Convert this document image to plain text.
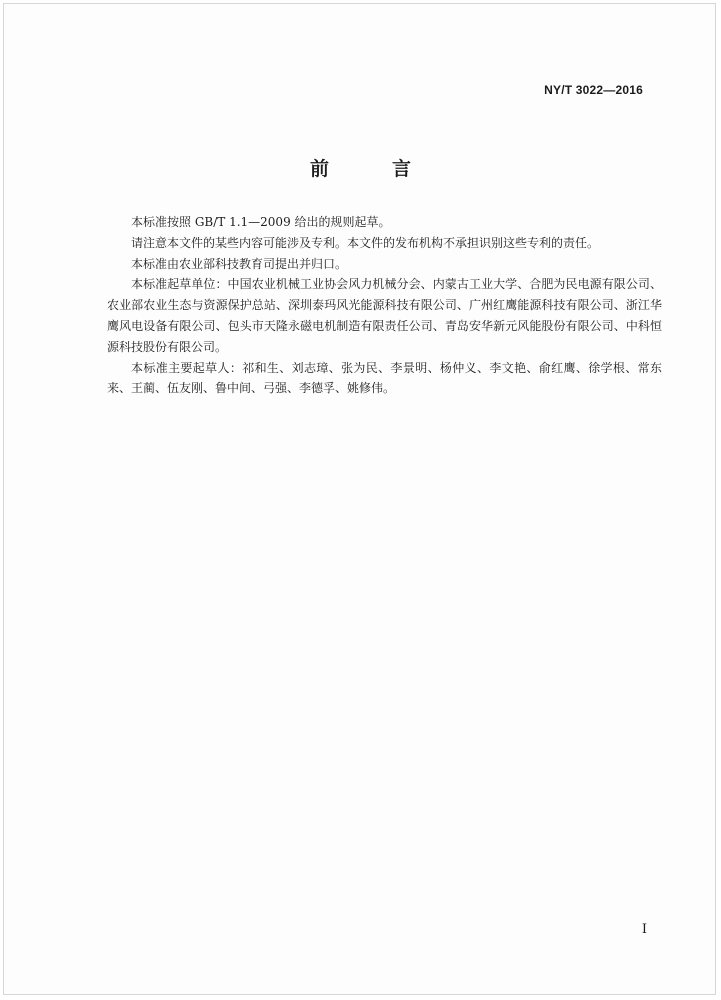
NY/T 3022—2016
前　言

本标准按照 GB/T 1.1—2009 给出的规则起草。

请注意本文件的某些内容可能涉及专利。本文件的发布机构不承担识别这些专利的责任。

本标准由农业部科技教育司提出并归口。

本标准起草单位：中国农业机械工业协会风力机械分会、内蒙古工业大学、合肥为民电源有限公司、农业部农业生态与资源保护总站、深圳泰玛风光能源科技有限公司、广州红鹰能源科技有限公司、浙江华鹰风电设备有限公司、包头市天隆永磁电机制造有限责任公司、青岛安华新元风能股份有限公司、中科恒源科技股份有限公司。

本标准主要起草人：祁和生、刘志璋、张为民、李景明、杨仲义、李文艳、俞红鹰、徐学根、常东来、王蔺、伍友刚、鲁中间、弓强、李德孚、姚修伟。

I
